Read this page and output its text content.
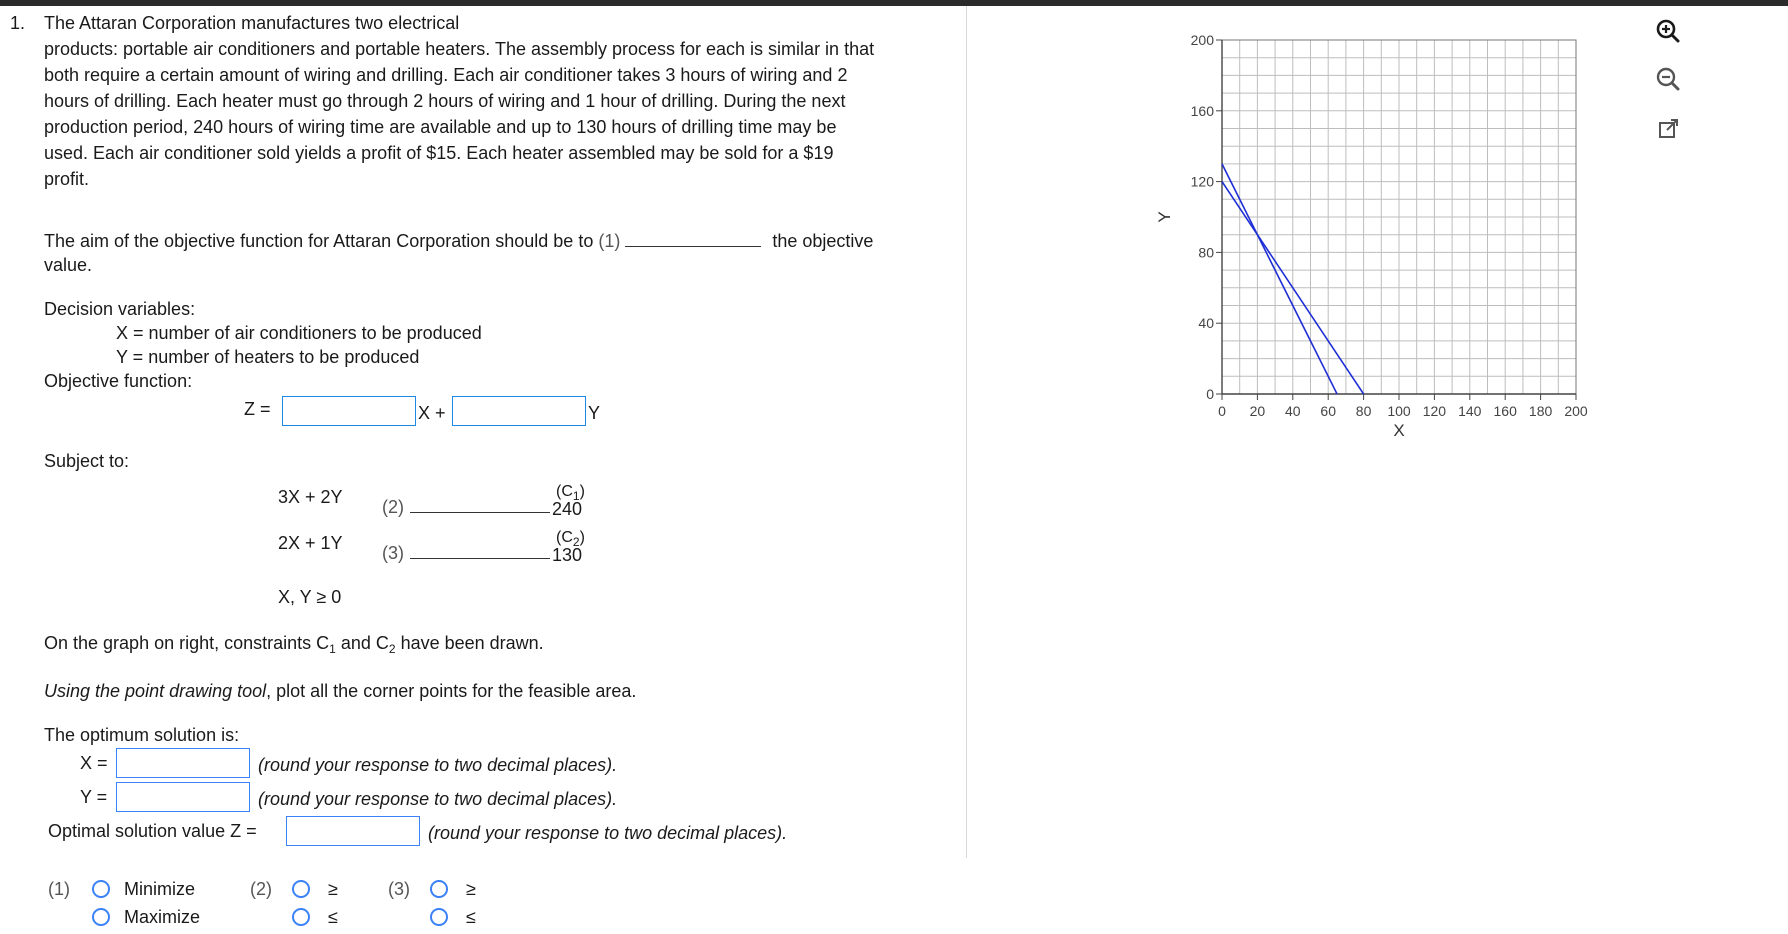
1. The Attaran Corporation manufactures two electrical
products: portable air conditioners and portable heaters. The assembly process for each is similar in that
both require a certain amount of wiring and drilling. Each air conditioner takes 3 hours of wiring and 2
hours of drilling. Each heater must go through 2 hours of wiring and 1 hour of drilling. During the next
production period, 240 hours of wiring time are available and up to 130 hours of drilling time may be
used. Each air conditioner sold yields a profit of $15. Each heater assembled may be sold for a $19
profit.
The aim of the objective function for Attaran Corporation should be to (1)	the objective
value.
Decision variables:
X = number of air conditioners to be produced
Y = number of heaters to be produced
Objective function:
Z =	X +	Y
Subject to:
3X + 2Y (2)	240
$(C_1)$
2X + 1Y (3)	130
$(C_2)$
X, Y ≥ 0
On the graph on right, constraints $C_1$ and $C_2$ have been drawn.
Using the point drawing tool, plot all the corner points for the feasible area.
The optimum solution is:
X =	(round your response to two decimal places).
Y =	(round your response to two decimal places).
Optimal solution value Z =	(round your response to two decimal places).
(1)	Minimize
Maximize
(2)	≥
≤
(3)	≥
≤
0 20 40 60 80 100 120 140 160 180 200
0
40
80
120
160
200
X
Y
